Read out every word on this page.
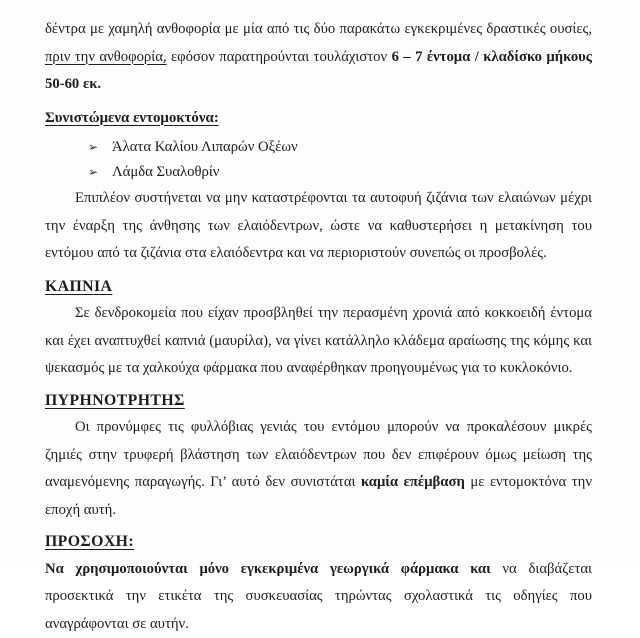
δέντρα με χαμηλή ανθοφορία με μία από τις δύο παρακάτω εγκεκριμένες δραστικές ουσίες, πριν την ανθοφορία, εφόσον παρατηρούνται τουλάχιστον 6 – 7 έντομα / κλαδίσκο μήκους 50-60 εκ.

Συνιστώμενα εντομοκτόνα:

➢ Άλατα Καλίου Λιπαρών Οξέων
➢ Λάμδα Συαλοθρίν

Επιπλέον συστήνεται να μην καταστρέφονται τα αυτοφυή ζιζάνια των ελαιώνων μέχρι την έναρξη της άνθησης των ελαιόδεντρων, ώστε να καθυστερήσει η μετακίνηση του εντόμου από τα ζιζάνια στα ελαιόδεντρα και να περιοριστούν συνεπώς οι προσβολές.

ΚΑΠΝΙΑ

Σε δενδροκομεία που είχαν προσβληθεί την περασμένη χρονιά από κοκκοειδή έντομα και έχει αναπτυχθεί καπνιά (μαυρίλα), να γίνει κατάλληλο κλάδεμα αραίωσης της κόμης και ψεκασμός με τα χαλκούχα φάρμακα που αναφέρθηκαν προηγουμένως για το κυκλοκόνιο.

ΠΥΡΗΝΟΤΡΗΤΗΣ

Οι προνύμφες τις φυλλόβιας γενιάς του εντόμου μπορούν να προκαλέσουν μικρές ζημιές στην τρυφερή βλάστηση των ελαιόδεντρων που δεν επιφέρουν όμως μείωση της αναμενόμενης παραγωγής. Γι’ αυτό δεν συνιστάται καμία επέμβαση με εντομοκτόνα την εποχή αυτή.

ΠΡΟΣΟΧΗ:

Να χρησιμοποιούνται μόνο εγκεκριμένα γεωργικά φάρμακα και να διαβάζεται προσεκτικά την ετικέτα της συσκευασίας τηρώντας σχολαστικά τις οδηγίες που αναγράφονται σε αυτήν.
